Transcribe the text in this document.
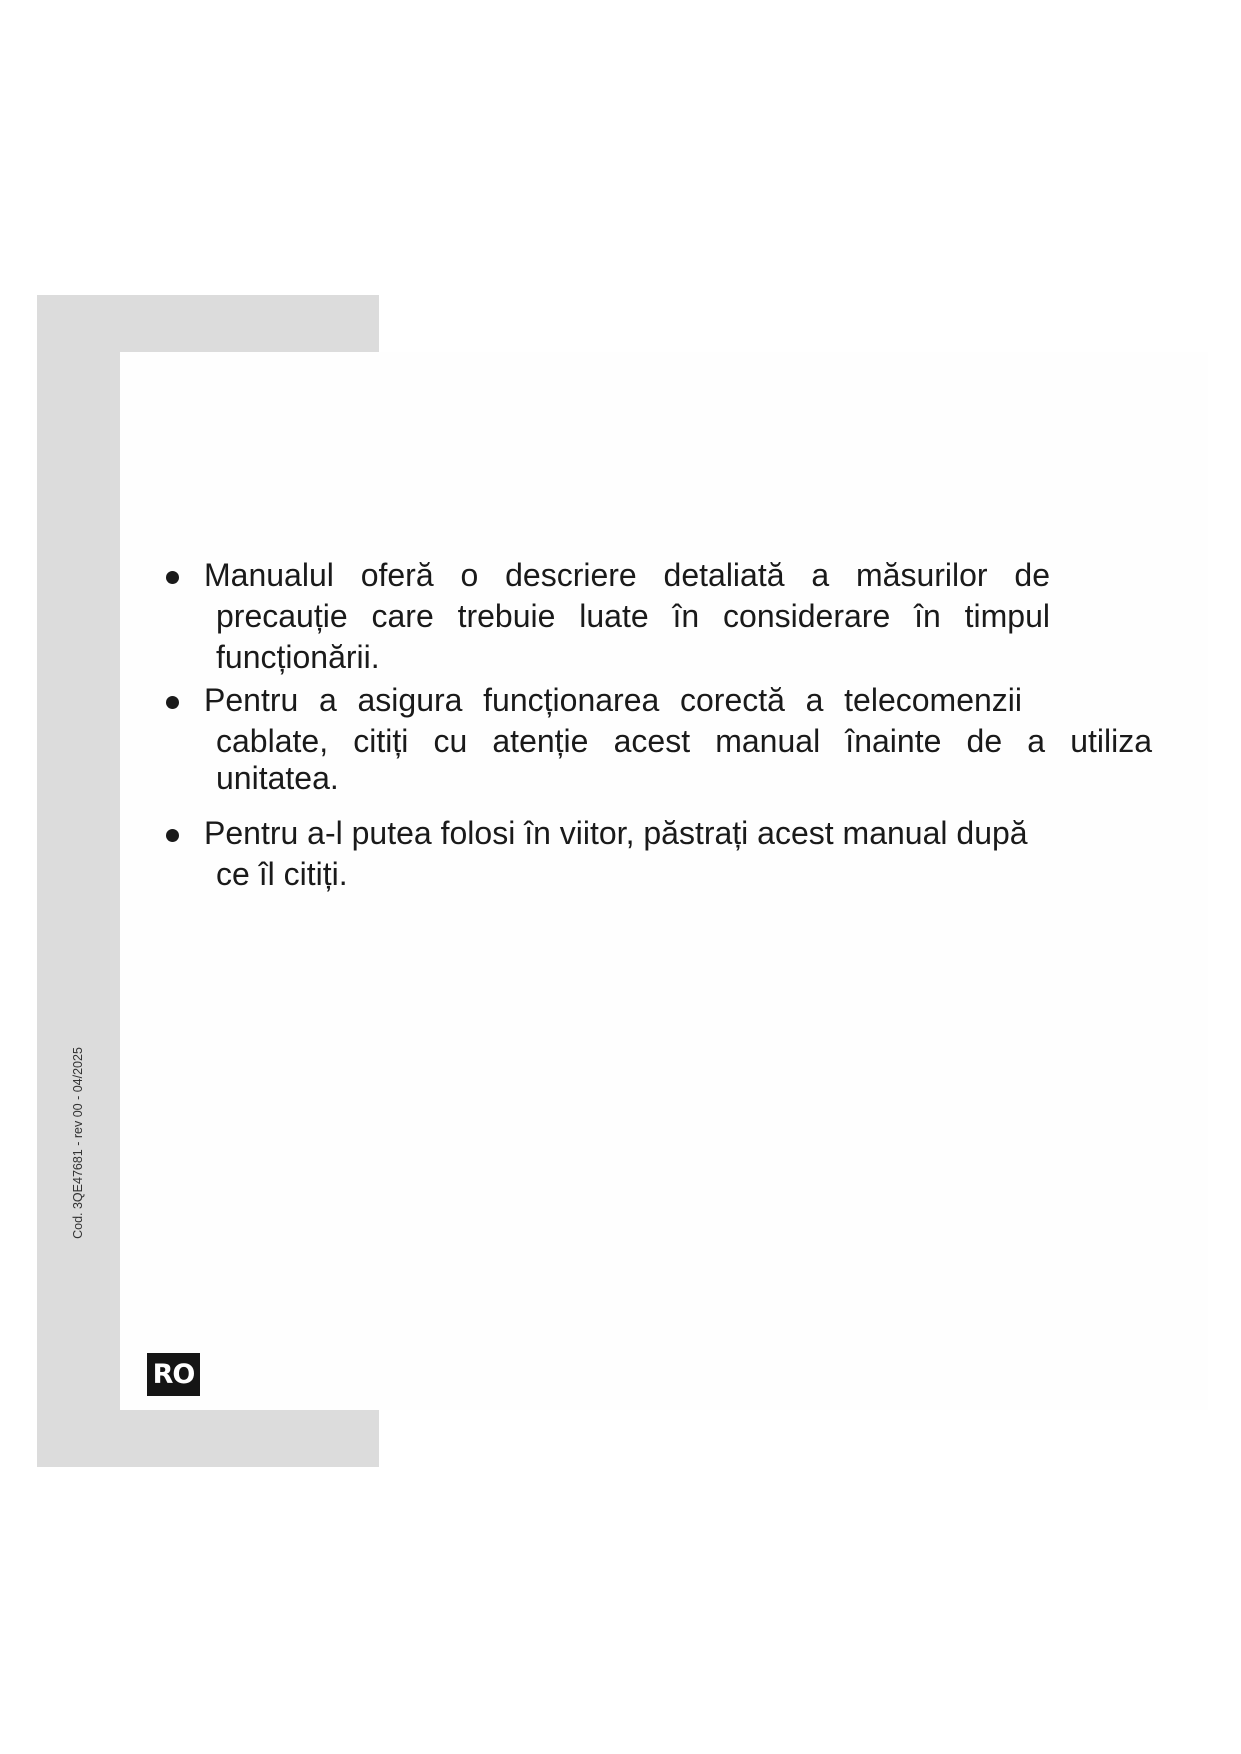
Cod. 3QE47681 - rev 00 - 04/2025
Manualul oferă o descriere detaliată a măsurilor de
precauție care trebuie luate în considerare în timpul
funcționării.
Pentru a asigura funcționarea corectă a telecomenzii
cablate, citiți cu atenție acest manual înainte de a utiliza
unitatea.
Pentru a-l putea folosi în viitor, păstrați acest manual după
ce îl citiți.
RO
